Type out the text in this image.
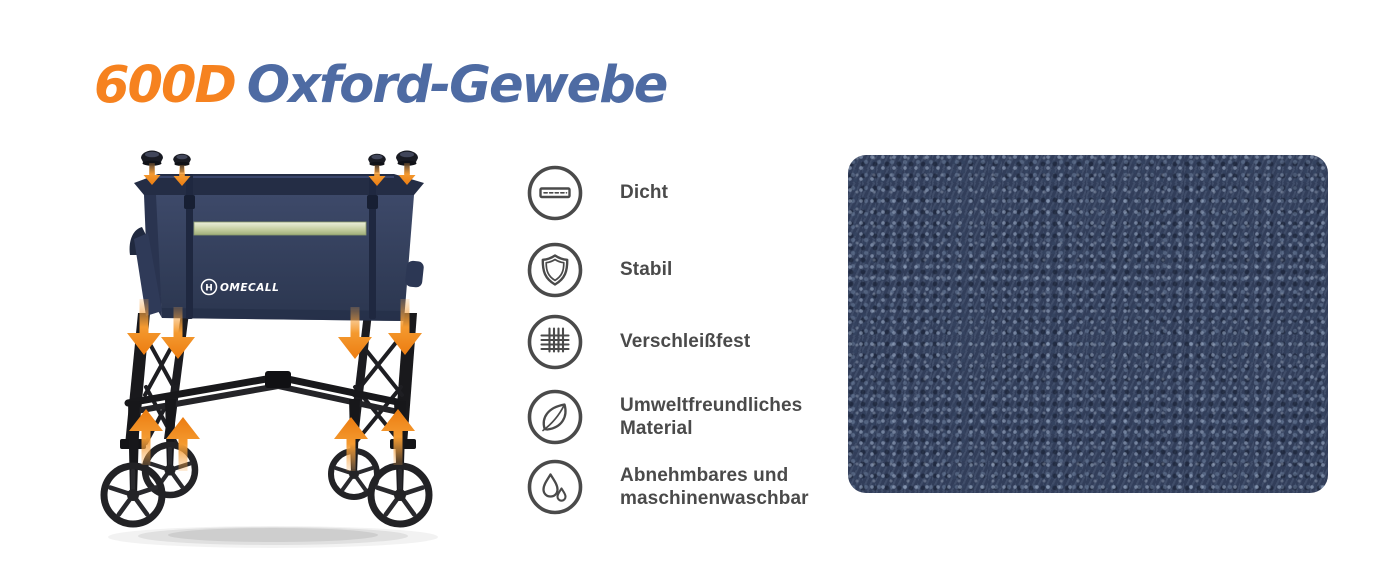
600D Oxford-Gewebe
H OMECALL
Dicht
Stabil
Verschleißfest
Umweltfreundliches Material
Abnehmbares und maschinenwaschbar
